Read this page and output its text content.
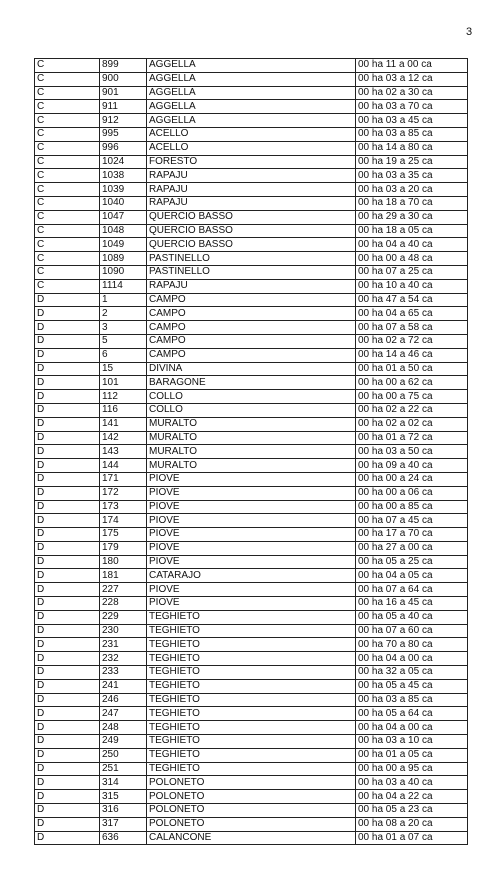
3
C	899	AGGELLA	00 ha 11 a 00 ca
C	900	AGGELLA	00 ha 03 a 12 ca
C	901	AGGELLA	00 ha 02 a 30 ca
C	911	AGGELLA	00 ha 03 a 70 ca
C	912	AGGELLA	00 ha 03 a 45 ca
C	995	ACELLO	00 ha 03 a 85 ca
C	996	ACELLO	00 ha 14 a 80 ca
C	1024	FORESTO	00 ha 19 a 25 ca
C	1038	RAPAJU	00 ha 03 a 35 ca
C	1039	RAPAJU	00 ha 03 a 20 ca
C	1040	RAPAJU	00 ha 18 a 70 ca
C	1047	QUERCIO BASSO	00 ha 29 a 30 ca
C	1048	QUERCIO BASSO	00 ha 18 a 05 ca
C	1049	QUERCIO BASSO	00 ha 04 a 40 ca
C	1089	PASTINELLO	00 ha 00 a 48 ca
C	1090	PASTINELLO	00 ha 07 a 25 ca
C	1114	RAPAJU	00 ha 10 a 40 ca
D	1	CAMPO	00 ha 47 a 54 ca
D	2	CAMPO	00 ha 04 a 65 ca
D	3	CAMPO	00 ha 07 a 58 ca
D	5	CAMPO	00 ha 02 a 72 ca
D	6	CAMPO	00 ha 14 a 46 ca
D	15	DIVINA	00 ha 01 a 50 ca
D	101	BARAGONE	00 ha 00 a 62 ca
D	112	COLLO	00 ha 00 a 75 ca
D	116	COLLO	00 ha 02 a 22 ca
D	141	MURALTO	00 ha 02 a 02 ca
D	142	MURALTO	00 ha 01 a 72 ca
D	143	MURALTO	00 ha 03 a 50 ca
D	144	MURALTO	00 ha 09 a 40 ca
D	171	PIOVE	00 ha 00 a 24 ca
D	172	PIOVE	00 ha 00 a 06 ca
D	173	PIOVE	00 ha 00 a 85 ca
D	174	PIOVE	00 ha 07 a 45 ca
D	175	PIOVE	00 ha 17 a 70 ca
D	179	PIOVE	00 ha 27 a 00 ca
D	180	PIOVE	00 ha 05 a 25 ca
D	181	CATARAJO	00 ha 04 a 05 ca
D	227	PIOVE	00 ha 07 a 64 ca
D	228	PIOVE	00 ha 16 a 45 ca
D	229	TEGHIETO	00 ha 05 a 40 ca
D	230	TEGHIETO	00 ha 07 a 60 ca
D	231	TEGHIETO	00 ha 70 a 80 ca
D	232	TEGHIETO	00 ha 04 a 00 ca
D	233	TEGHIETO	00 ha 32 a 05 ca
D	241	TEGHIETO	00 ha 05 a 45 ca
D	246	TEGHIETO	00 ha 03 a 85 ca
D	247	TEGHIETO	00 ha 05 a 64 ca
D	248	TEGHIETO	00 ha 04 a 00 ca
D	249	TEGHIETO	00 ha 03 a 10 ca
D	250	TEGHIETO	00 ha 01 a 05 ca
D	251	TEGHIETO	00 ha 00 a 95 ca
D	314	POLONETO	00 ha 03 a 40 ca
D	315	POLONETO	00 ha 04 a 22 ca
D	316	POLONETO	00 ha 05 a 23 ca
D	317	POLONETO	00 ha 08 a 20 ca
D	636	CALANCONE	00 ha 01 a 07 ca
